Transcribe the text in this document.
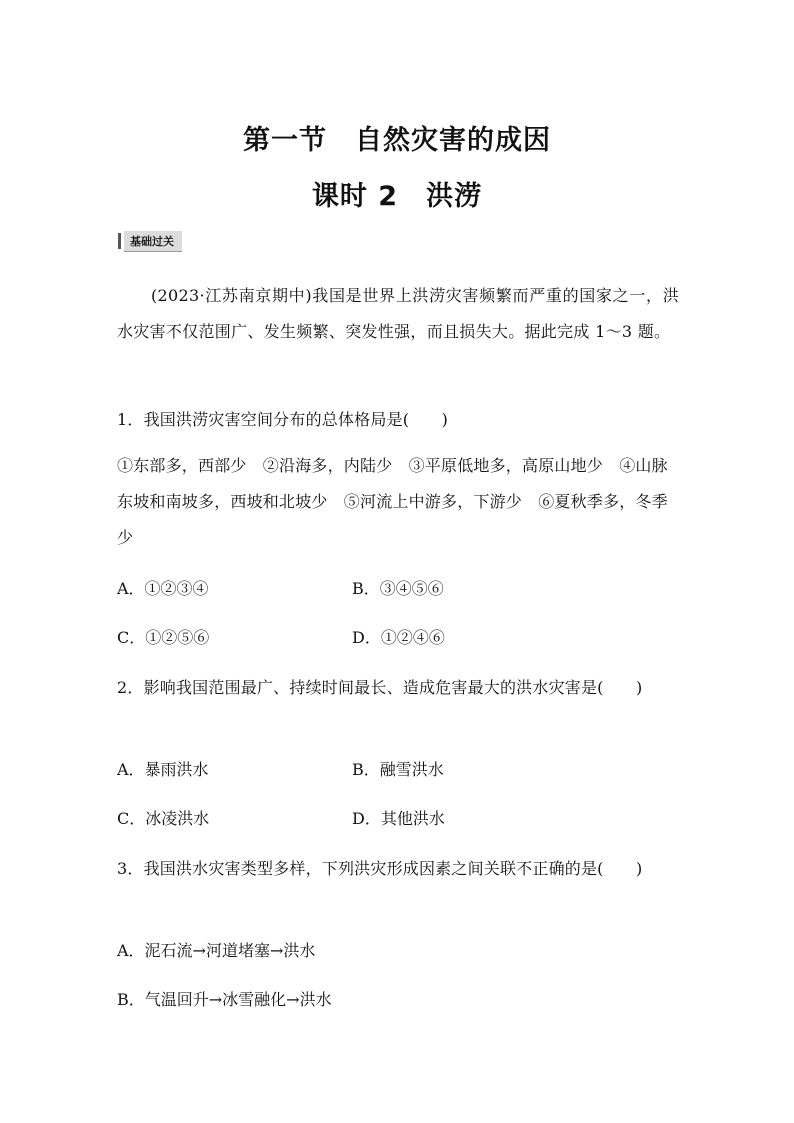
第一节　自然灾害的成因
课时 2　洪涝
基础过关
(2023·江苏南京期中)我国是世界上洪涝灾害频繁而严重的国家之一，洪水灾害不仅范围广、发生频繁、突发性强，而且损失大。据此完成 1～3 题。
1．我国洪涝灾害空间分布的总体格局是(　　)
①东部多，西部少　②沿海多，内陆少　③平原低地多，高原山地少　④山脉东坡和南坡多，西坡和北坡少　⑤河流上中游多，下游少　⑥夏秋季多，冬季少
A．①②③④	B．③④⑤⑥
C．①②⑤⑥	D．①②④⑥
2．影响我国范围最广、持续时间最长、造成危害最大的洪水灾害是(　　)
A．暴雨洪水	B．融雪洪水
C．冰凌洪水	D．其他洪水
3．我国洪水灾害类型多样，下列洪灾形成因素之间关联不正确的是(　　)
A．泥石流→河道堵塞→洪水
B．气温回升→冰雪融化→洪水
